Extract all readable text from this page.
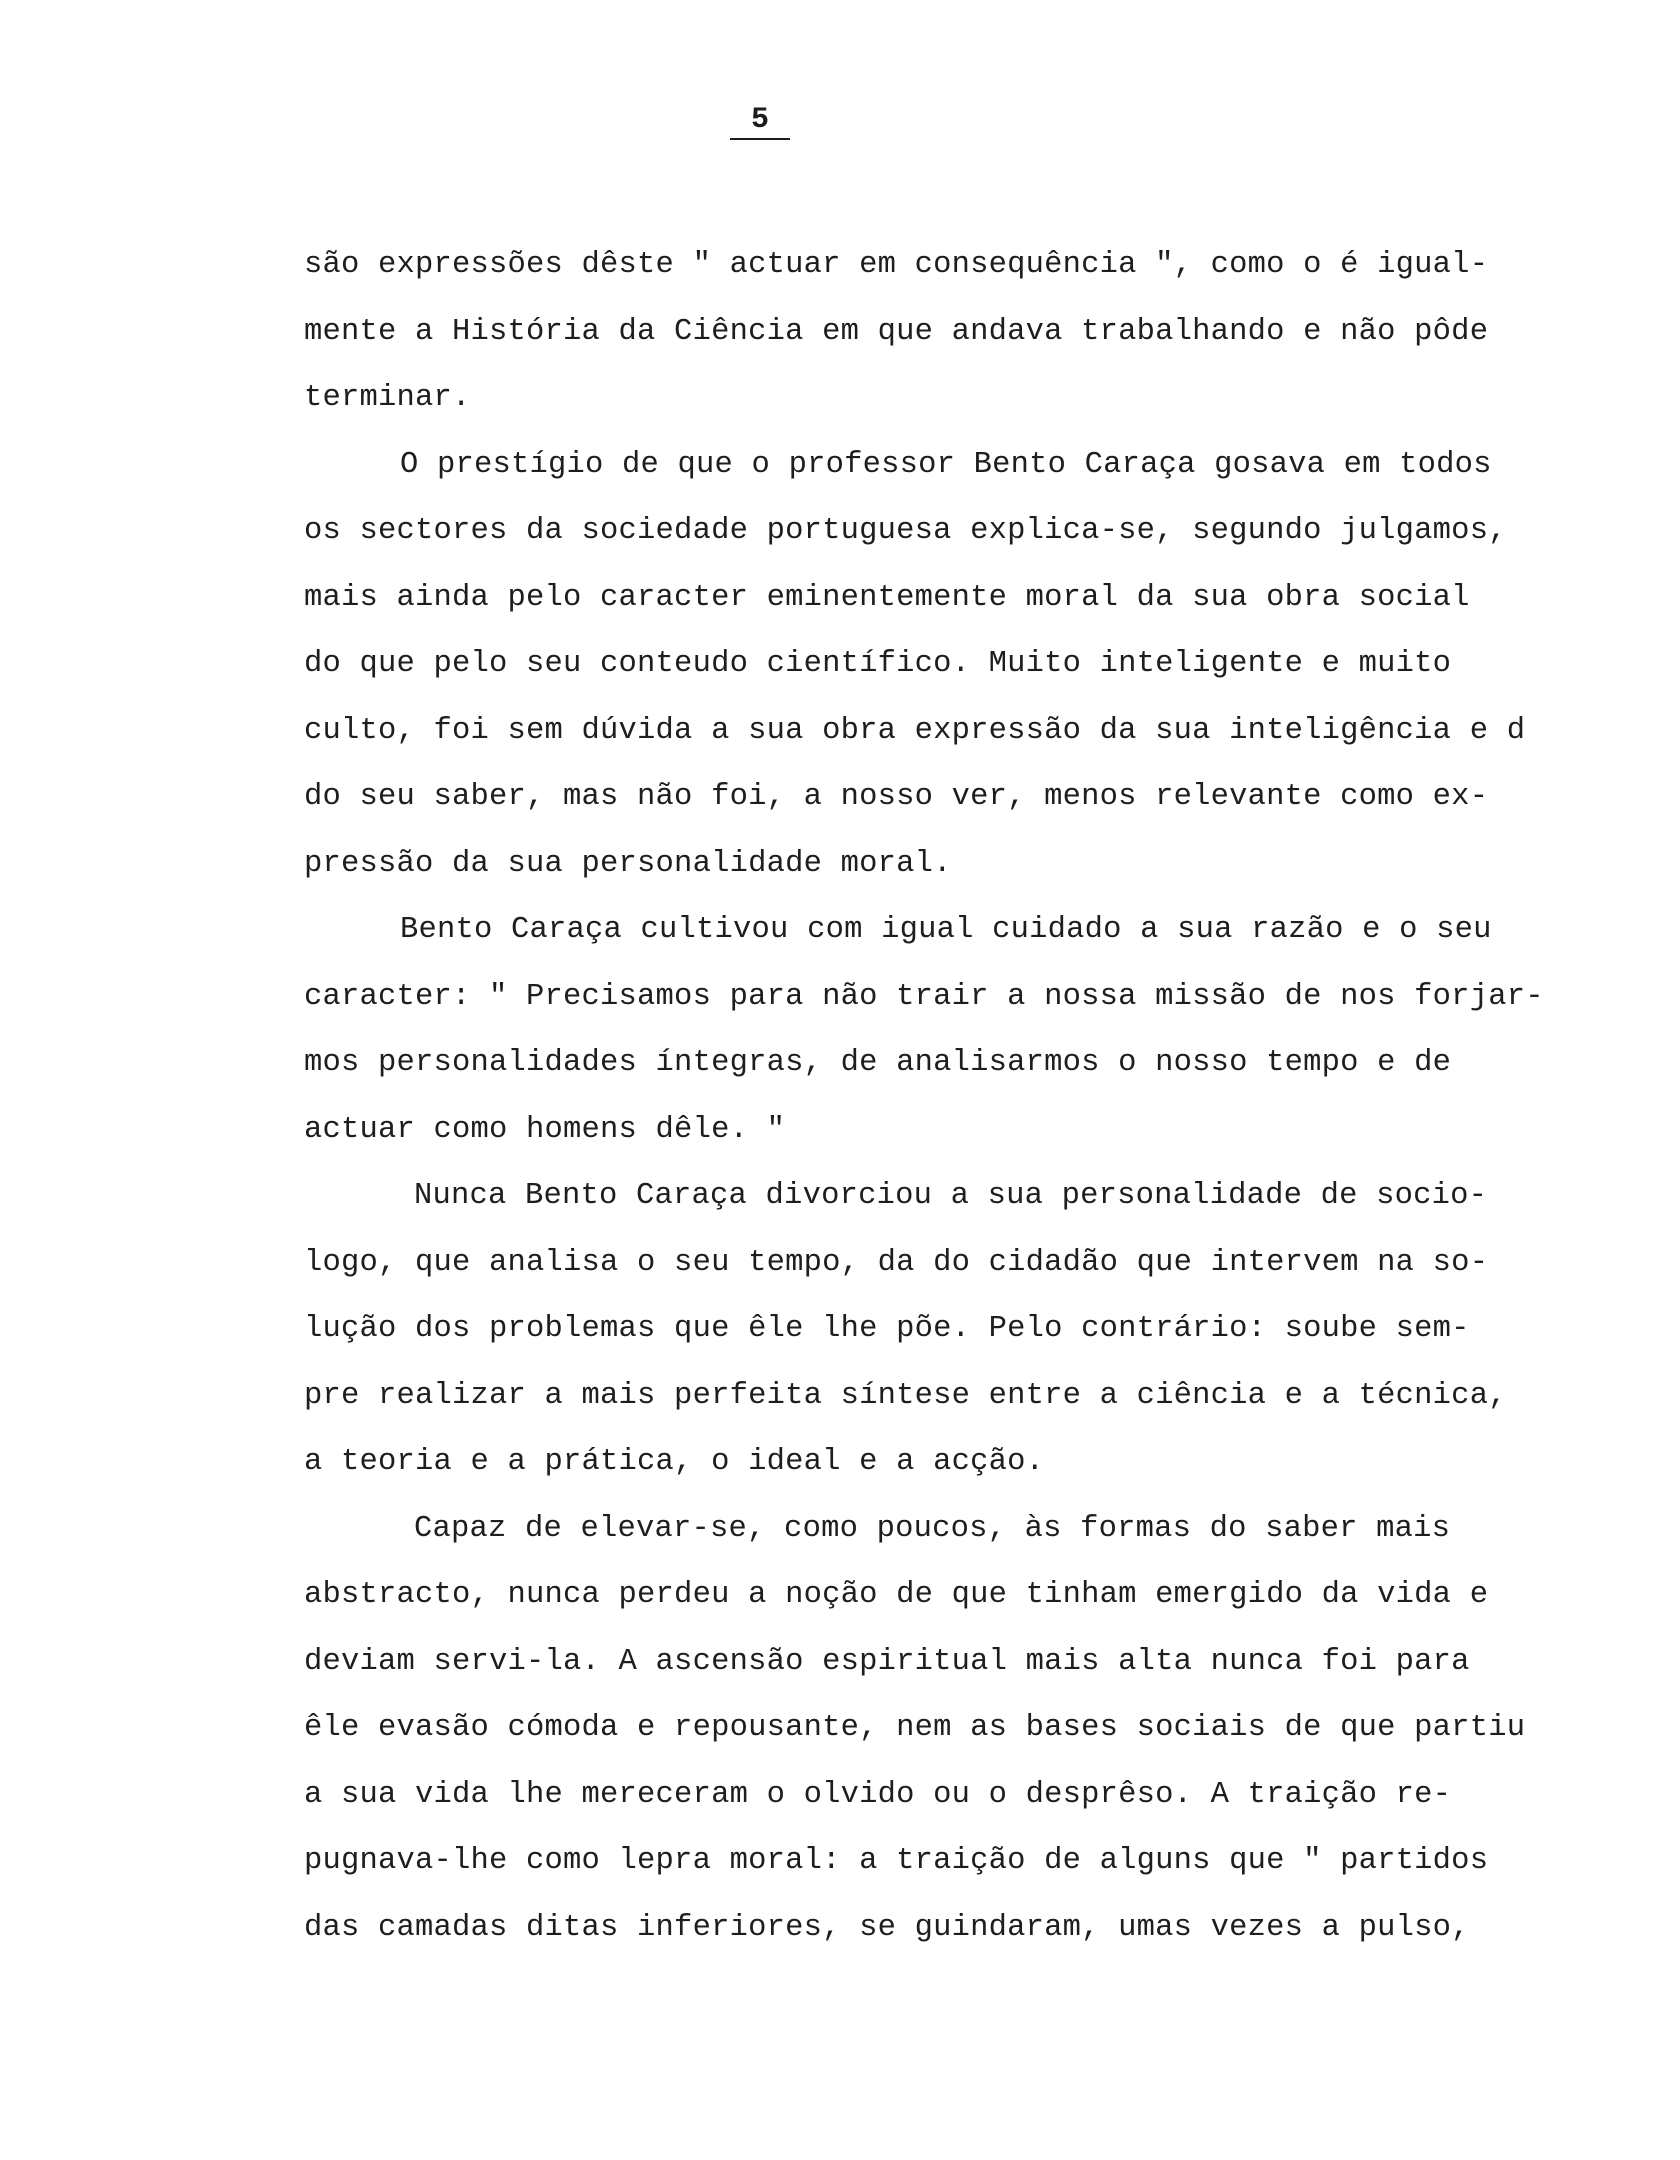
5
são expressões dêste " actuar em consequência ", como o é igual-
mente a História da Ciência em que andava trabalhando e não pôde
terminar.
O prestígio de que o professor Bento Caraça gosava em todos
os sectores da sociedade portuguesa explica-se, segundo julgamos,
mais ainda pelo caracter eminentemente moral da sua obra social
do que pelo seu conteudo científico. Muito inteligente e muito
culto, foi sem dúvida a sua obra expressão da sua inteligência e d
do seu saber, mas não foi, a nosso ver, menos relevante como ex-
pressão da sua personalidade moral.
Bento Caraça cultivou com igual cuidado a sua razão e o seu
caracter: " Precisamos para não trair a nossa missão de nos forjar-
mos personalidades íntegras, de analisarmos o nosso tempo e de
actuar como homens dêle. "
Nunca Bento Caraça divorciou a sua personalidade de socio-
logo, que analisa o seu tempo, da do cidadão que intervem na so-
lução dos problemas que êle lhe põe. Pelo contrário: soube sem-
pre realizar a mais perfeita síntese entre a ciência e a técnica,
a teoria e a prática, o ideal e a acção.
Capaz de elevar-se, como poucos, às formas do saber mais
abstracto, nunca perdeu a noção de que tinham emergido da vida e
deviam servi-la. A ascensão espiritual mais alta nunca foi para
êle evasão cómoda e repousante, nem as bases sociais de que partiu
a sua vida lhe mereceram o olvido ou o desprêso. A traição re-
pugnava-lhe como lepra moral: a traição de alguns que " partidos
das camadas ditas inferiores, se guindaram, umas vezes a pulso,
